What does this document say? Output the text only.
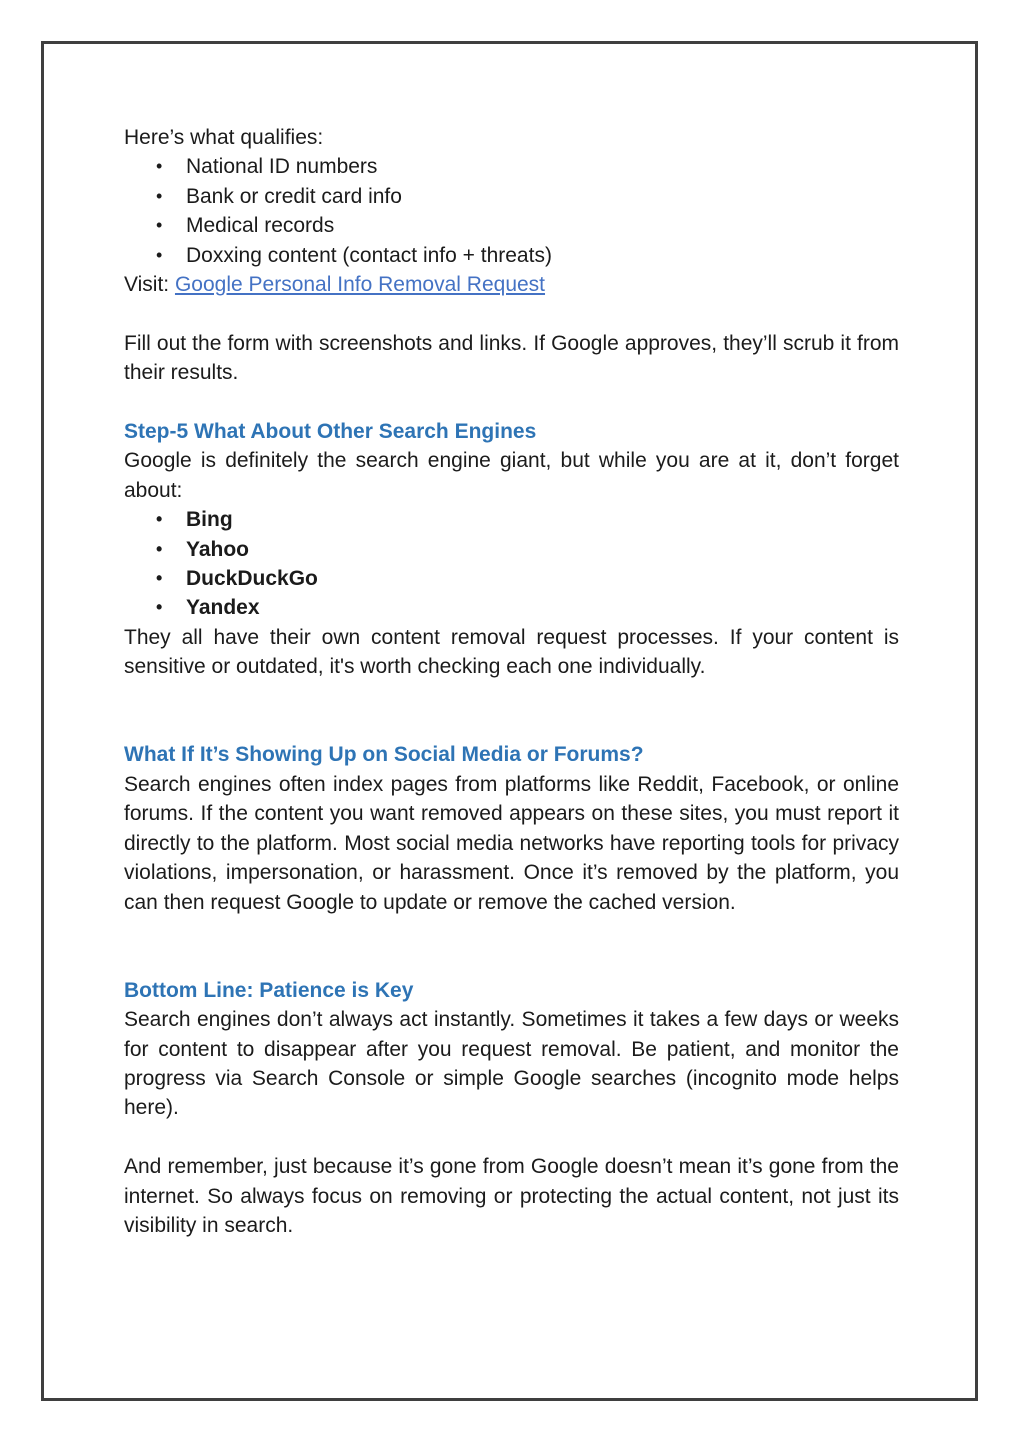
Here’s what qualifies:

• National ID numbers
• Bank or credit card info
• Medical records
• Doxxing content (contact info + threats)

Visit: Google Personal Info Removal Request

Fill out the form with screenshots and links. If Google approves, they’ll scrub it from their results.

Step-5 What About Other Search Engines

Google is definitely the search engine giant, but while you are at it, don’t forget about:

• Bing
• Yahoo
• DuckDuckGo
• Yandex

They all have their own content removal request processes. If your content is sensitive or outdated, it's worth checking each one individually.

What If It’s Showing Up on Social Media or Forums?

Search engines often index pages from platforms like Reddit, Facebook, or online forums. If the content you want removed appears on these sites, you must report it directly to the platform. Most social media networks have reporting tools for privacy violations, impersonation, or harassment. Once it’s removed by the platform, you can then request Google to update or remove the cached version.

Bottom Line: Patience is Key

Search engines don’t always act instantly. Sometimes it takes a few days or weeks for content to disappear after you request removal. Be patient, and monitor the progress via Search Console or simple Google searches (incognito mode helps here).

And remember, just because it’s gone from Google doesn’t mean it’s gone from the internet. So always focus on removing or protecting the actual content, not just its visibility in search.
